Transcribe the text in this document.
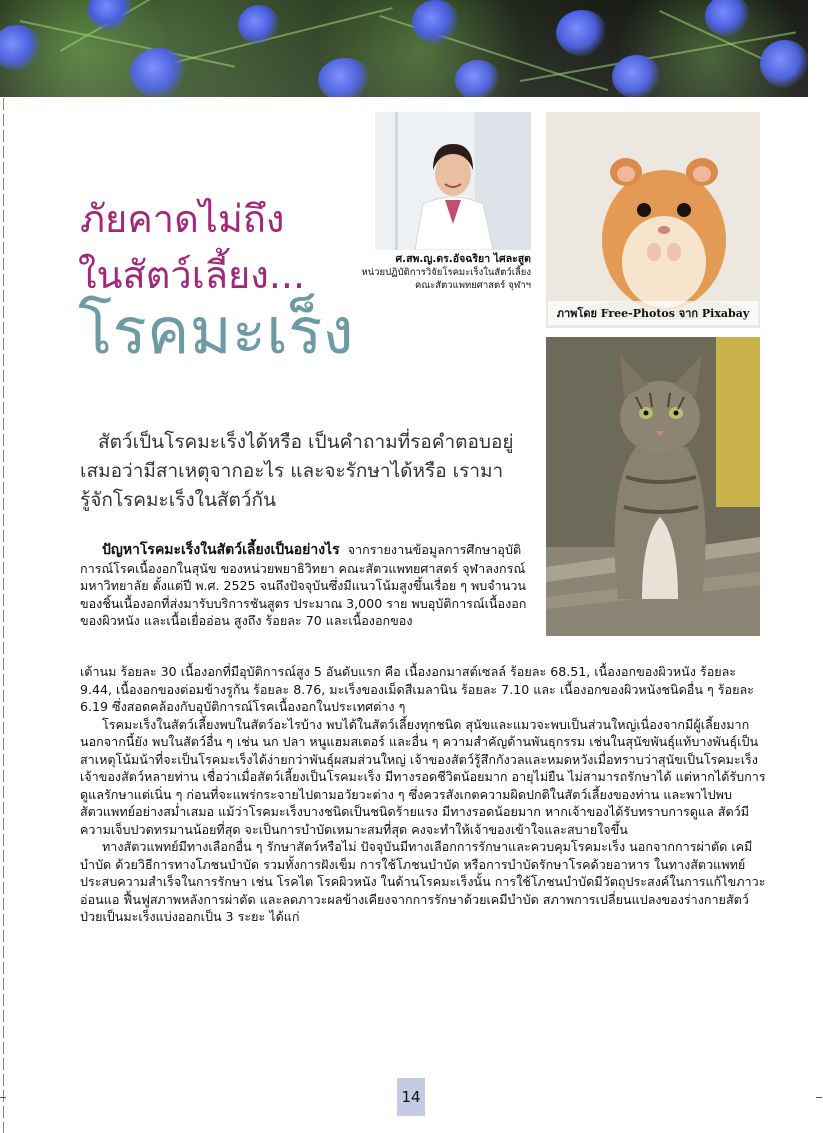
ภัยคาดไม่ถึง
ในสัตว์เลี้ยง...
โรคมะเร็ง
ศ.สพ.ญ.ดร.อัจฉริยา ไศละสูต
หน่วยปฏิบัติการวิจัยโรคมะเร็งในสัตว์เลี้ยง
คณะสัตวแพทยศาสตร์ จุฬาฯ
ภาพโดย Free-Photos จาก Pixabay
สัตว์เป็นโรคมะเร็งได้หรือ เป็นคำถามที่รอคำตอบอยู่เสมอว่ามีสาเหตุจากอะไร และจะรักษาได้หรือ เรามารู้จักโรคมะเร็งในสัตว์กัน

ปัญหาโรคมะเร็งในสัตว์เลี้ยงเป็นอย่างไร จากรายงานข้อมูลการศึกษาอุบัติการณ์โรคเนื้องอกในสุนัข ของหน่วยพยาธิวิทยา คณะสัตวแพทยศาสตร์ จุฬาลงกรณ์มหาวิทยาลัย ตั้งแต่ปี พ.ศ. 2525 จนถึงปัจจุบันซึ่งมีแนวโน้มสูงขึ้นเรื่อย ๆ พบจำนวนของชิ้นเนื้องอกที่ส่งมารับบริการชันสูตร ประมาณ 3,000 ราย พบอุบัติการณ์เนื้องอกของผิวหนัง และเนื้อเยื่ออ่อน สูงถึง ร้อยละ 70 และเนื้องอกของ

เต้านม ร้อยละ 30 เนื้องอกที่มีอุบัติการณ์สูง 5 อันดับแรก คือ เนื้องอกมาสต์เซลล์ ร้อยละ 68.51, เนื้องอกของผิวหนัง ร้อยละ 9.44, เนื้องอกของต่อมข้างรูก้น ร้อยละ 8.76, มะเร็งของเม็ดสีเมลานิน ร้อยละ 7.10 และ เนื้องอกของผิวหนังชนิดอื่น ๆ ร้อยละ 6.19 ซึ่งสอดคล้องกับอุบัติการณ์โรคเนื้องอกในประเทศต่าง ๆ

โรคมะเร็งในสัตว์เลี้ยงพบในสัตว์อะไรบ้าง พบได้ในสัตว์เลี้ยงทุกชนิด สุนัขและแมวจะพบเป็นส่วนใหญ่เนื่องจากมีผู้เลี้ยงมาก นอกจากนี้ยัง พบในสัตว์อื่น ๆ เช่น นก ปลา หนูแฮมสเตอร์ และอื่น ๆ ความสำคัญด้านพันธุกรรม เช่นในสุนัขพันธุ์แท้บางพันธุ์เป็นสาเหตุโน้มน้าที่จะเป็นโรคมะเร็งได้ง่ายกว่าพันธุ์ผสมส่วนใหญ่ เจ้าของสัตว์รู้สึกกังวลและหมดหวังเมื่อทราบว่าสุนัขเป็นโรคมะเร็ง เจ้าของสัตว์หลายท่าน เชื่อว่าเมื่อสัตว์เลี้ยงเป็นโรคมะเร็ง มีทางรอดชีวิตน้อยมาก อายุไม่ยืน ไม่สามารถรักษาได้ แต่หากได้รับการดูแลรักษาแต่เนิ่น ๆ ก่อนที่จะแพร่กระจายไปตามอวัยวะต่าง ๆ ซึ่งควรสังเกตความผิดปกติในสัตว์เลี้ยงของท่าน และพาไปพบสัตวแพทย์อย่างสม่ำเสมอ แม้ว่าโรคมะเร็งบางชนิดเป็นชนิดร้ายแรง มีทางรอดน้อยมาก หากเจ้าของได้รับทราบการดูแล สัตว์มีความเจ็บปวดทรมานน้อยที่สุด จะเป็นการบำบัดเหมาะสมที่สุด คงจะทำให้เจ้าของเข้าใจและสบายใจขึ้น

ทางสัตวแพทย์มีทางเลือกอื่น ๆ รักษาสัตว์หรือไม่ ปัจจุบันมีทางเลือกการรักษาและควบคุมโรคมะเร็ง นอกจากการผ่าตัด เคมีบำบัด ด้วยวิธีการทางโภชนบำบัด รวมทั้งการฝังเข็ม การใช้โภชนบำบัด หรือการบำบัดรักษาโรคด้วยอาหาร ในทางสัตวแพทย์ประสบความสำเร็จในการรักษา เช่น โรคไต โรคผิวหนัง ในด้านโรคมะเร็งนั้น การใช้โภชนบำบัดมีวัตถุประสงค์ในการแก้ไขภาวะอ่อนแอ ฟื้นฟูสภาพหลังการผ่าตัด และลดภาวะผลข้างเคียงจากการรักษาด้วยเคมีบำบัด สภาพการเปลี่ยนแปลงของร่างกายสัตว์ป่วยเป็นมะเร็งแบ่งออกเป็น 3 ระยะ ได้แก่

14
